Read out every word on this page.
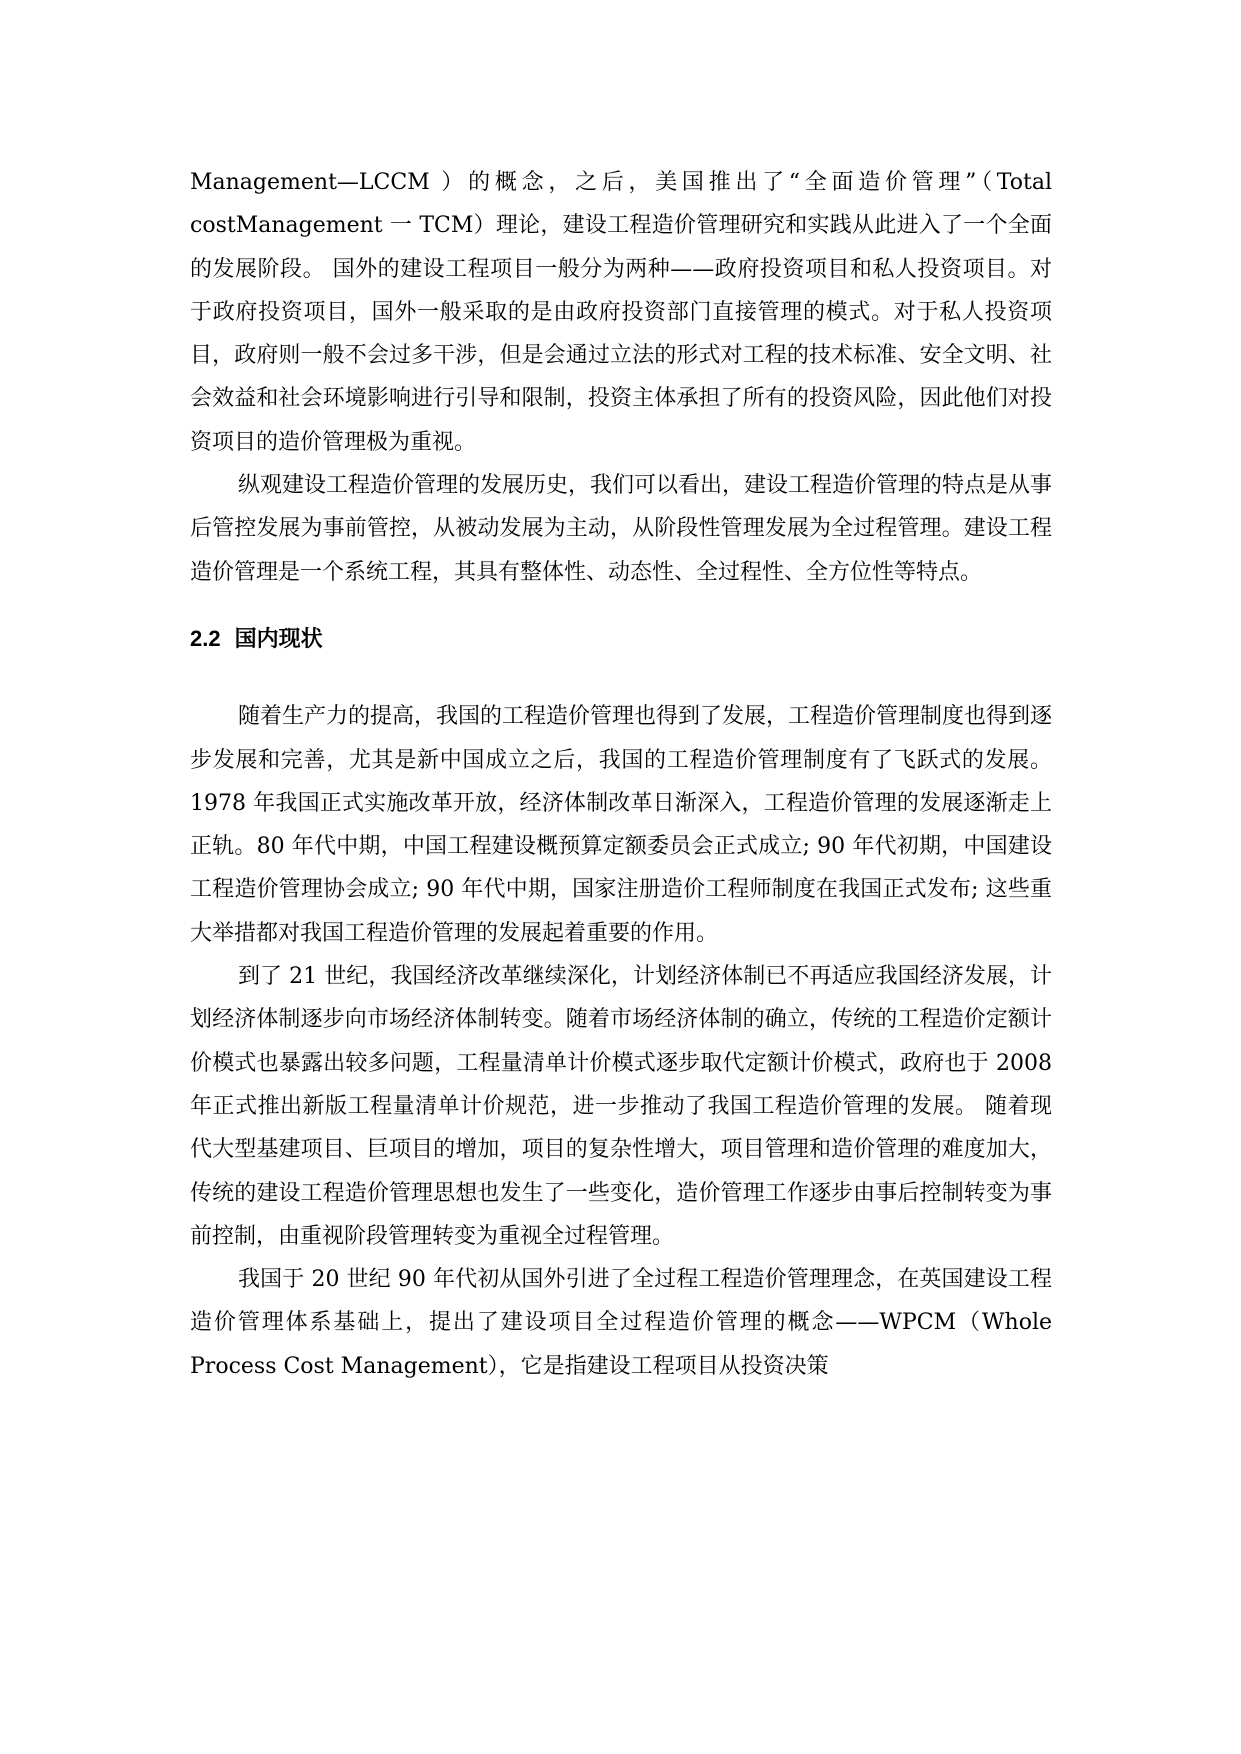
Management—LCCM ）的概念，之后，美国推出了“全面造价管理”（Total costManagement 一 TCM）理论，建设工程造价管理研究和实践从此进入了一个全面的发展阶段。 国外的建设工程项目一般分为两种——政府投资项目和私人投资项目。对于政府投资项目，国外一般采取的是由政府投资部门直接管理的模式。对于私人投资项目，政府则一般不会过多干涉，但是会通过立法的形式对工程的技术标准、安全文明、社会效益和社会环境影响进行引导和限制，投资主体承担了所有的投资风险，因此他们对投资项目的造价管理极为重视。

纵观建设工程造价管理的发展历史，我们可以看出，建设工程造价管理的特点是从事后管控发展为事前管控，从被动发展为主动，从阶段性管理发展为全过程管理。建设工程造价管理是一个系统工程，其具有整体性、动态性、全过程性、全方位性等特点。

2.2 国内现状

随着生产力的提高，我国的工程造价管理也得到了发展，工程造价管理制度也得到逐步发展和完善，尤其是新中国成立之后，我国的工程造价管理制度有了飞跃式的发展。1978 年我国正式实施改革开放，经济体制改革日渐深入，工程造价管理的发展逐渐走上正轨。80 年代中期，中国工程建设概预算定额委员会正式成立; 90 年代初期，中国建设工程造价管理协会成立; 90 年代中期，国家注册造价工程师制度在我国正式发布; 这些重大举措都对我国工程造价管理的发展起着重要的作用。

到了 21 世纪，我国经济改革继续深化，计划经济体制已不再适应我国经济发展，计划经济体制逐步向市场经济体制转变。随着市场经济体制的确立，传统的工程造价定额计价模式也暴露出较多问题，工程量清单计价模式逐步取代定额计价模式，政府也于 2008 年正式推出新版工程量清单计价规范，进一步推动了我国工程造价管理的发展。 随着现代大型基建项目、巨项目的增加，项目的复杂性增大，项目管理和造价管理的难度加大，传统的建设工程造价管理思想也发生了一些变化，造价管理工作逐步由事后控制转变为事前控制，由重视阶段管理转变为重视全过程管理。

我国于 20 世纪 90 年代初从国外引进了全过程工程造价管理理念，在英国建设工程造价管理体系基础上，提出了建设项目全过程造价管理的概念——WPCM（Whole Process Cost Management），它是指建设工程项目从投资决策
